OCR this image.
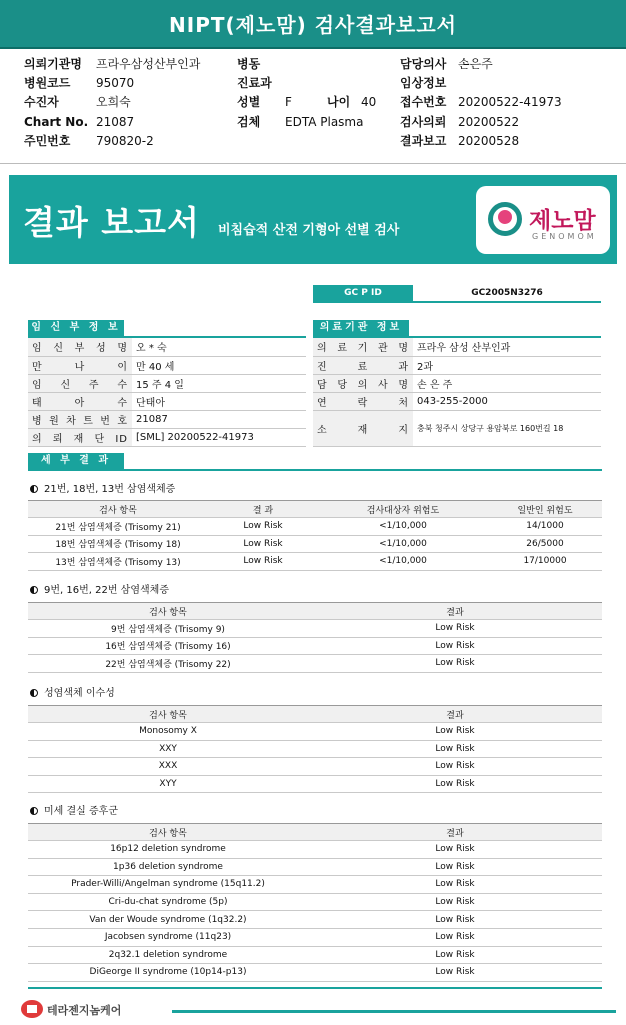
NIPT(제노맘) 검사결과보고서
의뢰기관명 프라우삼성산부인과
병원코드 95070
수진자	오희숙
Chart No. 21087
주민번호 790820-2
병동
진료과
성별 F	나이 40
검체 EDTA Plasma
담당의사 손은주
임상정보
접수번호 20200522-41973
검사의뢰 20200522
결과보고 20200528
결과 보고서 비침습적 산전 기형아 선별 검사	제노맘
GENOMOM
GC P ID	GC2005N3276
임 신 부 정 보
임 신 부 성 명	오 * 숙
만 나 이	만 40 세
임 신 주 수	15 주 4 일
태 아 수	단태아
병 원 차 트 번 호	21087
의 뢰 재 단 ID	[SML] 20200522-41973
의료기관 정보
의 료 기 관 명	프라우 삼성 산부인과
진 료 과	2과
담 당 의 사 명	손 은 주
연 락 처	043-255-2000
소 재 지	충북 청주시 상당구 용암북로 160번길 18
세 부 결 과
21번, 18번, 13번 삼염색체증
검사 항목	결 과	검사대상자 위험도	일반인 위험도
21번 삼염색체증 (Trisomy 21)	Low Risk	<1/10,000	14/1000
18번 삼염색체증 (Trisomy 18)	Low Risk	<1/10,000	26/5000
13번 삼염색체증 (Trisomy 13)	Low Risk	<1/10,000	17/10000
9번, 16번, 22번 삼염색체증
검사 항목	결과
9번 삼염색체증 (Trisomy 9)	Low Risk
16번 삼염색체증 (Trisomy 16)	Low Risk
22번 삼염색체증 (Trisomy 22)	Low Risk
성염색체 이수성
검사 항목	결과
Monosomy X	Low Risk
XXY	Low Risk
XXX	Low Risk
XYY	Low Risk
미세 결실 증후군
검사 항목	결과
16p12 deletion syndrome	Low Risk
1p36 deletion syndrome	Low Risk
Prader-Willi/Angelman syndrome (15q11.2)	Low Risk
Cri-du-chat syndrome (5p)	Low Risk
Van der Woude syndrome (1q32.2)	Low Risk
Jacobsen syndrome (11q23)	Low Risk
2q32.1 deletion syndrome	Low Risk
DiGeorge II syndrome (10p14-p13)	Low Risk
테라젠지놈케어
